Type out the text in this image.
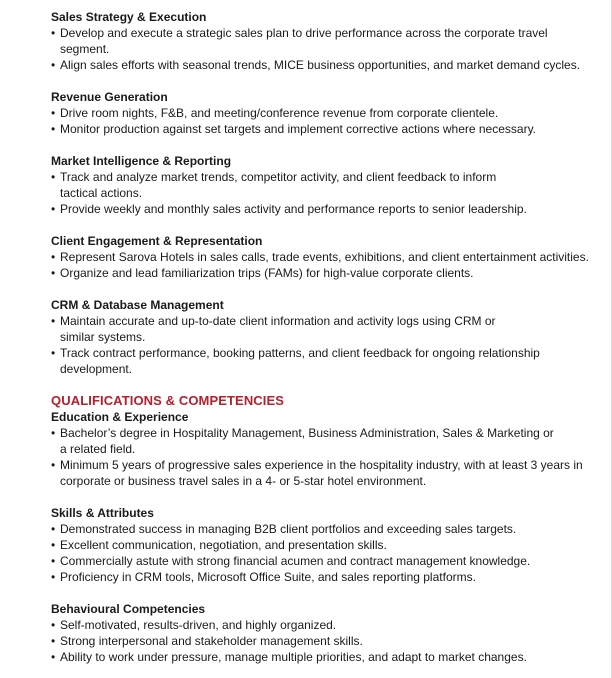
Sales Strategy & Execution

• Develop and execute a strategic sales plan to drive performance across the corporate travel segment.
• Align sales efforts with seasonal trends, MICE business opportunities, and market demand cycles.

Revenue Generation

• Drive room nights, F&B, and meeting/conference revenue from corporate clientele.
• Monitor production against set targets and implement corrective actions where necessary.

Market Intelligence & Reporting

• Track and analyze market trends, competitor activity, and client feedback to inform tactical actions.
• Provide weekly and monthly sales activity and performance reports to senior leadership.

Client Engagement & Representation

• Represent Sarova Hotels in sales calls, trade events, exhibitions, and client entertainment activities.
• Organize and lead familiarization trips (FAMs) for high-value corporate clients.

CRM & Database Management

• Maintain accurate and up-to-date client information and activity logs using CRM or similar systems.
• Track contract performance, booking patterns, and client feedback for ongoing relationship development.

QUALIFICATIONS & COMPETENCIES

Education & Experience

• Bachelor’s degree in Hospitality Management, Business Administration, Sales & Marketing or a related field.
• Minimum 5 years of progressive sales experience in the hospitality industry, with at least 3 years in corporate or business travel sales in a 4- or 5-star hotel environment.

Skills & Attributes

• Demonstrated success in managing B2B client portfolios and exceeding sales targets.
• Excellent communication, negotiation, and presentation skills.
• Commercially astute with strong financial acumen and contract management knowledge.
• Proficiency in CRM tools, Microsoft Office Suite, and sales reporting platforms.

Behavioural Competencies

• Self-motivated, results-driven, and highly organized.
• Strong interpersonal and stakeholder management skills.
• Ability to work under pressure, manage multiple priorities, and adapt to market changes.
